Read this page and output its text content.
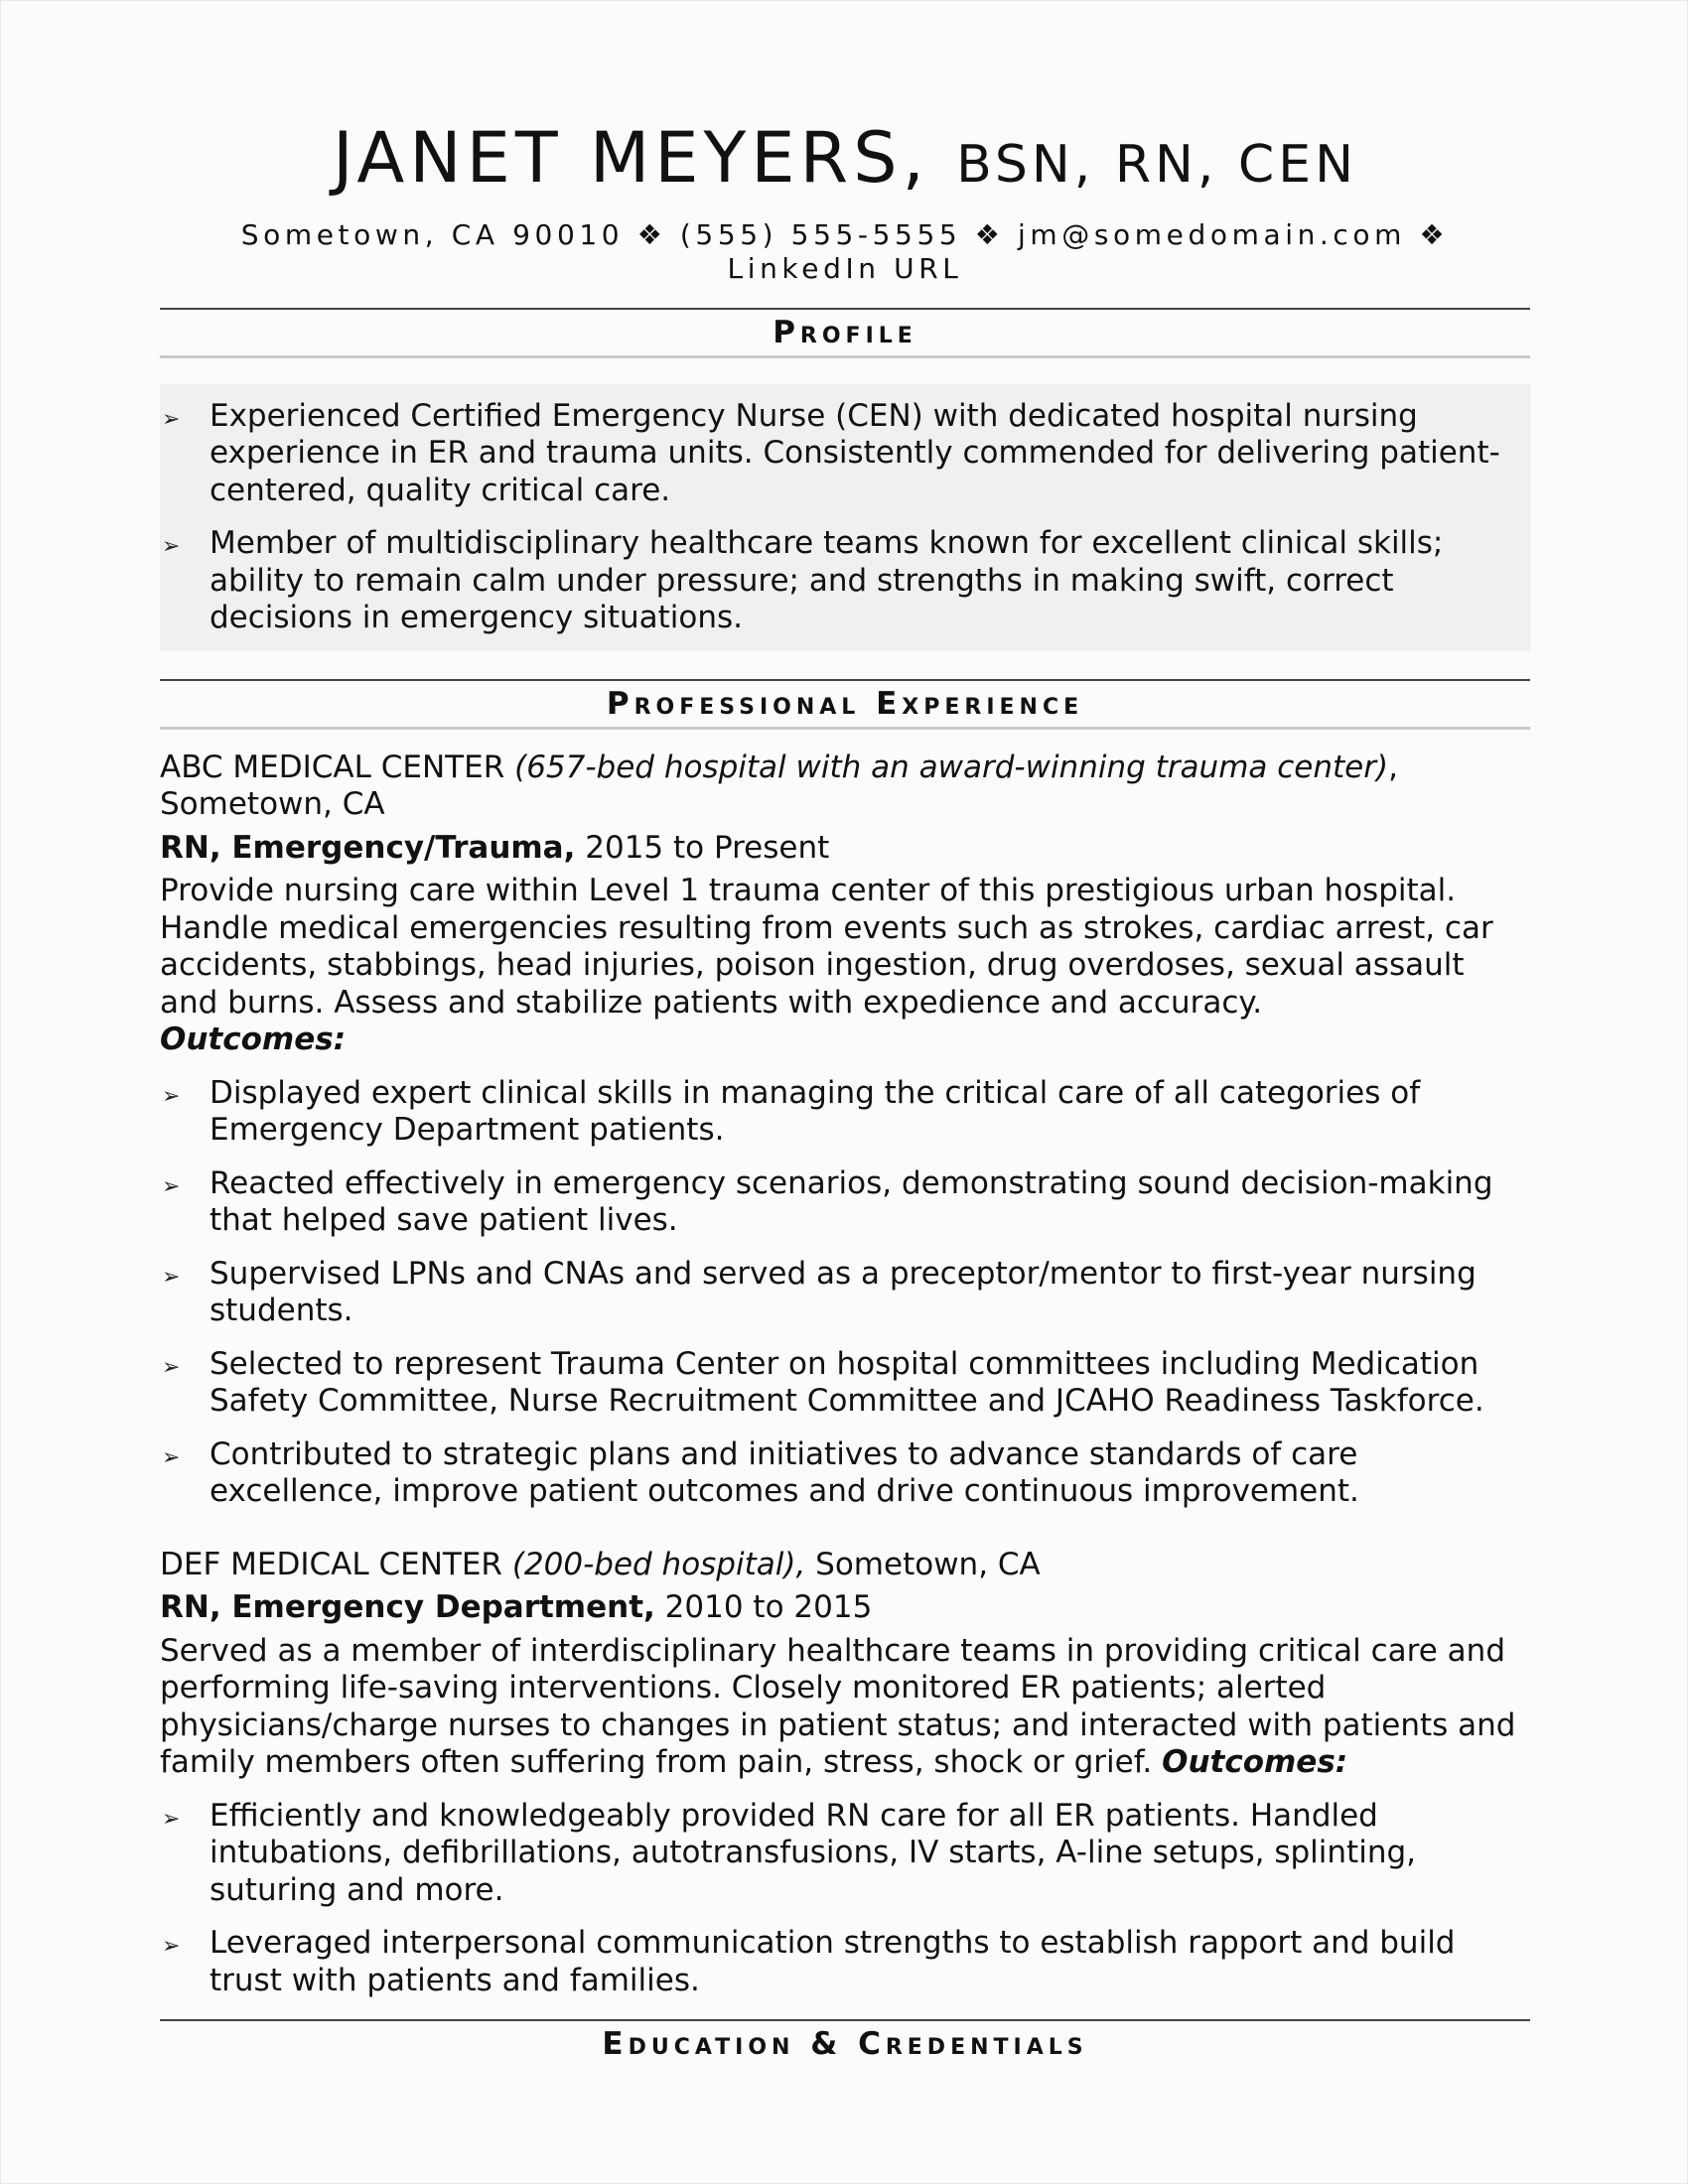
JANET MEYERS, BSN, RN, CEN
Sometown, CA 90010 ❖ (555) 555-5555 ❖ jm@somedomain.com ❖ LinkedIn URL
Profile
➢ Experienced Certified Emergency Nurse (CEN) with dedicated hospital nursing experience in ER and trauma units. Consistently commended for delivering patient-centered, quality critical care.
➢ Member of multidisciplinary healthcare teams known for excellent clinical skills; ability to remain calm under pressure; and strengths in making swift, correct decisions in emergency situations.
Professional Experience
ABC MEDICAL CENTER (657-bed hospital with an award-winning trauma center), Sometown, CA
RN, Emergency/Trauma, 2015 to Present
Provide nursing care within Level 1 trauma center of this prestigious urban hospital. Handle medical emergencies resulting from events such as strokes, cardiac arrest, car accidents, stabbings, head injuries, poison ingestion, drug overdoses, sexual assault and burns. Assess and stabilize patients with expedience and accuracy.
Outcomes:
➢ Displayed expert clinical skills in managing the critical care of all categories of Emergency Department patients.
➢ Reacted effectively in emergency scenarios, demonstrating sound decision-making that helped save patient lives.
➢ Supervised LPNs and CNAs and served as a preceptor/mentor to first-year nursing students.
➢ Selected to represent Trauma Center on hospital committees including Medication Safety Committee, Nurse Recruitment Committee and JCAHO Readiness Taskforce.
➢ Contributed to strategic plans and initiatives to advance standards of care excellence, improve patient outcomes and drive continuous improvement.
DEF MEDICAL CENTER (200-bed hospital), Sometown, CA
RN, Emergency Department, 2010 to 2015
Served as a member of interdisciplinary healthcare teams in providing critical care and performing life-saving interventions. Closely monitored ER patients; alerted physicians/charge nurses to changes in patient status; and interacted with patients and family members often suffering from pain, stress, shock or grief. Outcomes:
➢ Efficiently and knowledgeably provided RN care for all ER patients. Handled intubations, defibrillations, autotransfusions, IV starts, A-line setups, splinting, suturing and more.
➢ Leveraged interpersonal communication strengths to establish rapport and build trust with patients and families.
Education & Credentials
